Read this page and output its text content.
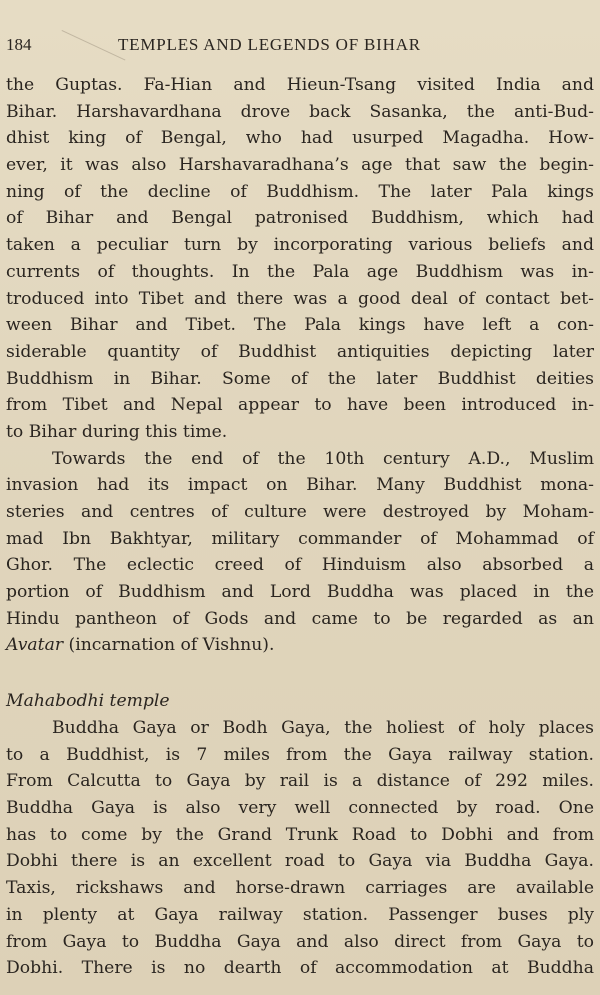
184	TEMPLES AND LEGENDS OF BIHAR
the Guptas. Fa-Hian and Hieun-Tsang visited India and
Bihar. Harshavardhana drove back Sasanka, the anti-Bud-
dhist king of Bengal, who had usurped Magadha. How-
ever, it was also Harshavaradhana’s age that saw the begin-
ning of the decline of Buddhism. The later Pala kings
of Bihar and Bengal patronised Buddhism, which had
taken a peculiar turn by incorporating various beliefs and
currents of thoughts. In the Pala age Buddhism was in-
troduced into Tibet and there was a good deal of contact bet-
ween Bihar and Tibet. The Pala kings have left a con-
siderable quantity of Buddhist antiquities depicting later
Buddhism in Bihar. Some of the later Buddhist deities
from Tibet and Nepal appear to have been introduced in-
to Bihar during this time.
Towards the end of the 10th century A.D., Muslim
invasion had its impact on Bihar. Many Buddhist mona-
steries and centres of culture were destroyed by Moham-
mad Ibn Bakhtyar, military commander of Mohammad of
Ghor. The eclectic creed of Hinduism also absorbed a
portion of Buddhism and Lord Buddha was placed in the
Hindu pantheon of Gods and came to be regarded as an
Avatar (incarnation of Vishnu).
Mahabodhi temple
Buddha Gaya or Bodh Gaya, the holiest of holy places
to a Buddhist, is 7 miles from the Gaya railway station.
From Calcutta to Gaya by rail is a distance of 292 miles.
Buddha Gaya is also very well connected by road. One
has to come by the Grand Trunk Road to Dobhi and from
Dobhi there is an excellent road to Gaya via Buddha Gaya.
Taxis, rickshaws and horse-drawn carriages are available
in plenty at Gaya railway station. Passenger buses ply
from Gaya to Buddha Gaya and also direct from Gaya to
Dobhi. There is no dearth of accommodation at Buddha
